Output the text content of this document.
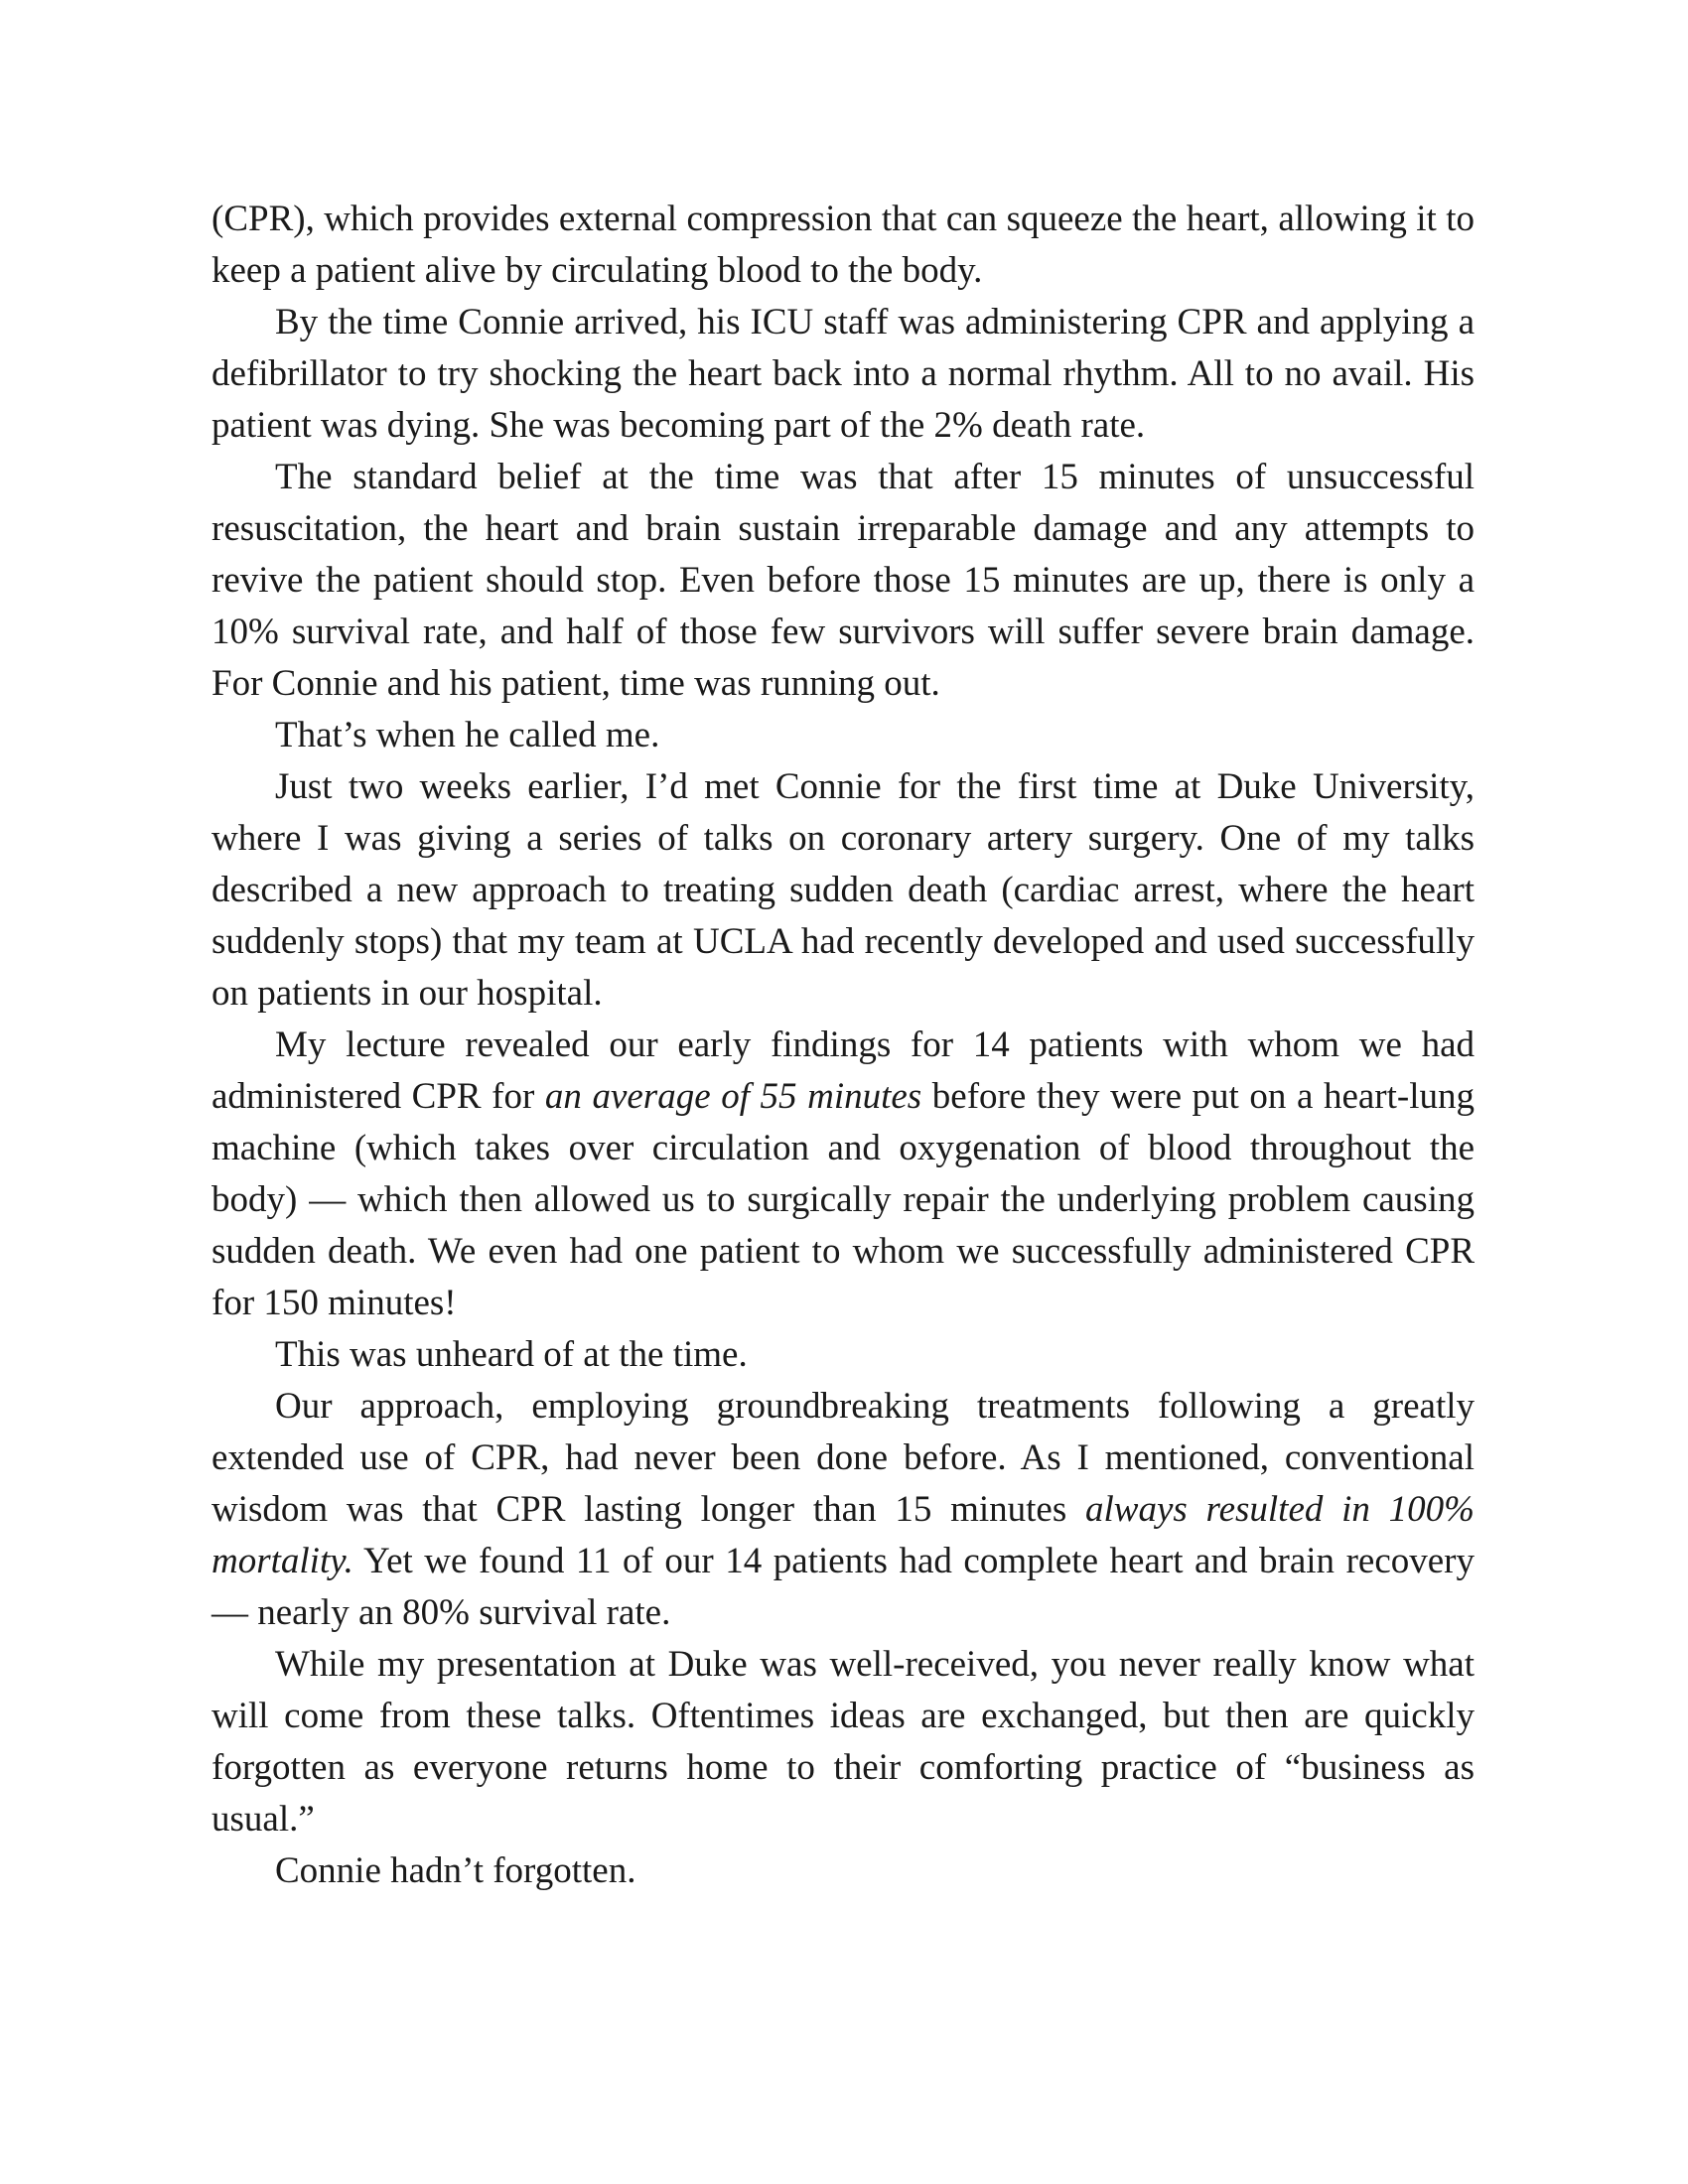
(CPR), which provides external compression that can squeeze the heart, allowing it to keep a patient alive by circulating blood to the body.

By the time Connie arrived, his ICU staff was administering CPR and applying a defibrillator to try shocking the heart back into a normal rhythm. All to no avail. His patient was dying. She was becoming part of the 2% death rate.

The standard belief at the time was that after 15 minutes of unsuccessful resuscitation, the heart and brain sustain irreparable damage and any attempts to revive the patient should stop. Even before those 15 minutes are up, there is only a 10% survival rate, and half of those few survivors will suffer severe brain damage. For Connie and his patient, time was running out.

That’s when he called me.

Just two weeks earlier, I’d met Connie for the first time at Duke University, where I was giving a series of talks on coronary artery surgery. One of my talks described a new approach to treating sudden death (cardiac arrest, where the heart suddenly stops) that my team at UCLA had recently developed and used successfully on patients in our hospital.

My lecture revealed our early findings for 14 patients with whom we had administered CPR for an average of 55 minutes before they were put on a heart-lung machine (which takes over circulation and oxygenation of blood throughout the body) — which then allowed us to surgically repair the underlying problem causing sudden death. We even had one patient to whom we successfully administered CPR for 150 minutes!

This was unheard of at the time.

Our approach, employing groundbreaking treatments following a greatly extended use of CPR, had never been done before. As I mentioned, conventional wisdom was that CPR lasting longer than 15 minutes always resulted in 100% mortality. Yet we found 11 of our 14 patients had complete heart and brain recovery — nearly an 80% survival rate.

While my presentation at Duke was well-received, you never really know what will come from these talks. Oftentimes ideas are exchanged, but then are quickly forgotten as everyone returns home to their comforting practice of “business as usual.”

Connie hadn’t forgotten.
